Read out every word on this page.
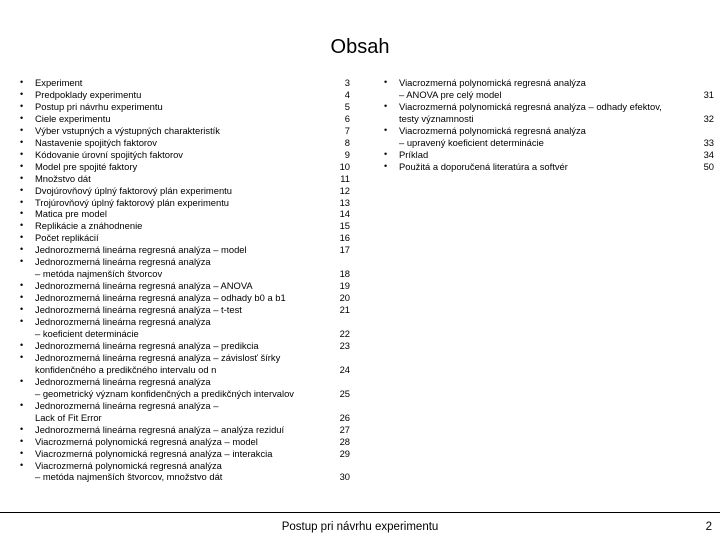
Obsah
•	Experiment	3
•	Predpoklady experimentu	4
•	Postup pri návrhu experimentu	5
•	Ciele experimentu	6
•	Výber vstupných a výstupných charakteristík	7
•	Nastavenie spojitých faktorov	8
•	Kódovanie úrovní spojitých faktorov	9
•	Model pre spojité faktory	10
•	Množstvo dát	11
•	Dvojúrovňový úplný faktorový plán experimentu	12
•	Trojúrovňový úplný faktorový plán experimentu	13
•	Matica pre model	14
•	Replikácie a znáhodnenie	15
•	Počet replikácií	16
•	Jednorozmerná lineárna regresná analýza – model	17
•	Jednorozmerná lineárna regresná analýza
– metóda najmenších štvorcov	18
•	Jednorozmerná lineárna regresná analýza – ANOVA	19
•	Jednorozmerná lineárna regresná analýza – odhady b0 a b1	20
•	Jednorozmerná lineárna regresná analýza – t-test	21
•	Jednorozmerná lineárna regresná analýza
– koeficient determinácie	22
•	Jednorozmerná lineárna regresná analýza – predikcia	23
•	Jednorozmerná lineárna regresná analýza – závislosť šírky
konfidenčného a predikčného intervalu od n	24
•	Jednorozmerná lineárna regresná analýza
– geometrický význam konfidenčných a predikčných intervalov	25
•	Jednorozmerná lineárna regresná analýza –
Lack of Fit Error	26
•	Jednorozmerná lineárna regresná analýza – analýza reziduí	27
•	Viacrozmerná polynomická regresná analýza – model	28
•	Viacrozmerná polynomická regresná analýza – interakcia	29
•	Viacrozmerná polynomická regresná analýza
– metóda najmenších štvorcov, množstvo dát	30
•	Viacrozmerná polynomická regresná analýza
– ANOVA pre celý model	31
•	Viacrozmerná polynomická regresná analýza – odhady efektov,
testy významnosti	32
•	Viacrozmerná polynomická regresná analýza
– upravený koeficient determinácie	33
•	Príklad	34
•	Použitá a doporučená literatúra a softvér	50
Postup pri návrhu experimentu	2
